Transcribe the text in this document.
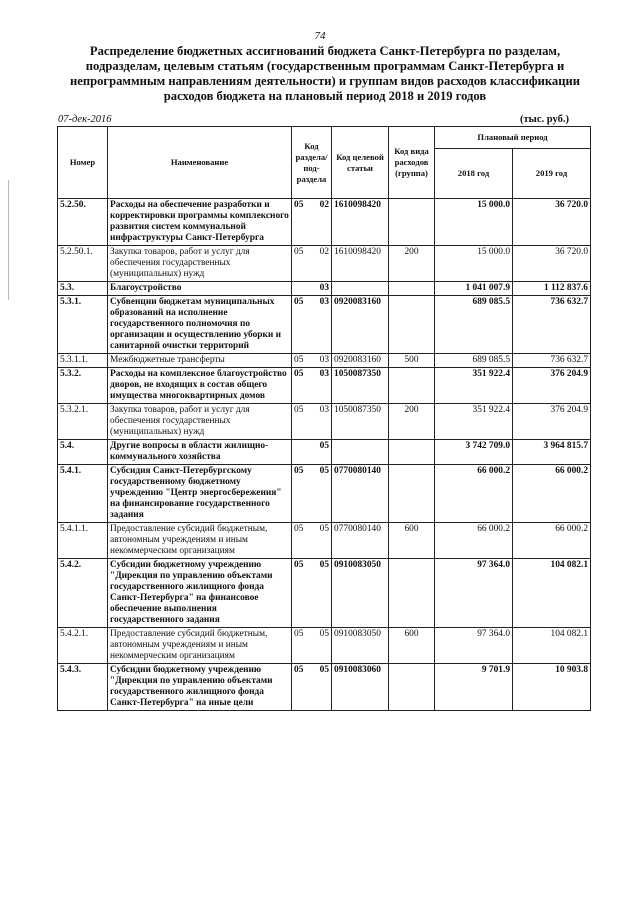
74
Распределение бюджетных ассигнований бюджета Санкт-Петербурга по разделам, подразделам, целевым статьям (государственным программам Санкт-Петербурга и непрограммным направлениям деятельности) и группам видов расходов классификации расходов бюджета на плановый период 2018 и 2019 годов
07-дек-2016	(тыс. руб.)
Номер	Наименование	Код раздела/ под-раздела	Код целевой статьи	Код вида расходов (группа)	Плановый период	
					2018 год	2019 год
5.2.50.	Расходы на обеспечение разработки и корректировки программы комплексного развития систем коммунальной инфраструктуры Санкт-Петербурга	05 02	1610098420		15 000.0	36 720.0
5.2.50.1.	Закупка товаров, работ и услуг для обеспечения государственных (муниципальных) нужд	05 02	1610098420	200	15 000.0	36 720.0
5.3.	Благоустройство	03			1 041 007.9	1 112 837.6
5.3.1.	Субвенции бюджетам муниципальных образований на исполнение государственного полномочия по организации и осуществлению уборки и санитарной очистки территорий	05 03	0920083160		689 085.5	736 632.7
5.3.1.1.	Межбюджетные трансферты	05 03	0920083160	500	689 085.5	736 632.7
5.3.2.	Расходы на комплексное благоустройство дворов, не входящих в состав общего имущества многоквартирных домов	05 03	1050087350		351 922.4	376 204.9
5.3.2.1.	Закупка товаров, работ и услуг для обеспечения государственных (муниципальных) нужд	05 03	1050087350	200	351 922.4	376 204.9
5.4.	Другие вопросы в области жилищно-коммунального хозяйства	05			3 742 709.0	3 964 815.7
5.4.1.	Субсидия Санкт-Петербургскому государственному бюджетному учреждению "Центр энергосбережения" на финансирование государственного задания	05 05	0770080140		66 000.2	66 000.2
5.4.1.1.	Предоставление субсидий бюджетным, автономным учреждениям и иным некоммерческим организациям	05 05	0770080140	600	66 000.2	66 000.2
5.4.2.	Субсидии бюджетному учреждению "Дирекция по управлению объектами государственного жилищного фонда Санкт-Петербурга" на финансовое обеспечение выполнения государственного задания	05 05	0910083050		97 364.0	104 082.1
5.4.2.1.	Предоставление субсидий бюджетным, автономным учреждениям и иным некоммерческим организациям	05 05	0910083050	600	97 364.0	104 082.1
5.4.3.	Субсидии бюджетному учреждению "Дирекция по управлению объектами государственного жилищного фонда Санкт-Петербурга" на иные цели	05 05	0910083060		9 701.9	10 903.8
